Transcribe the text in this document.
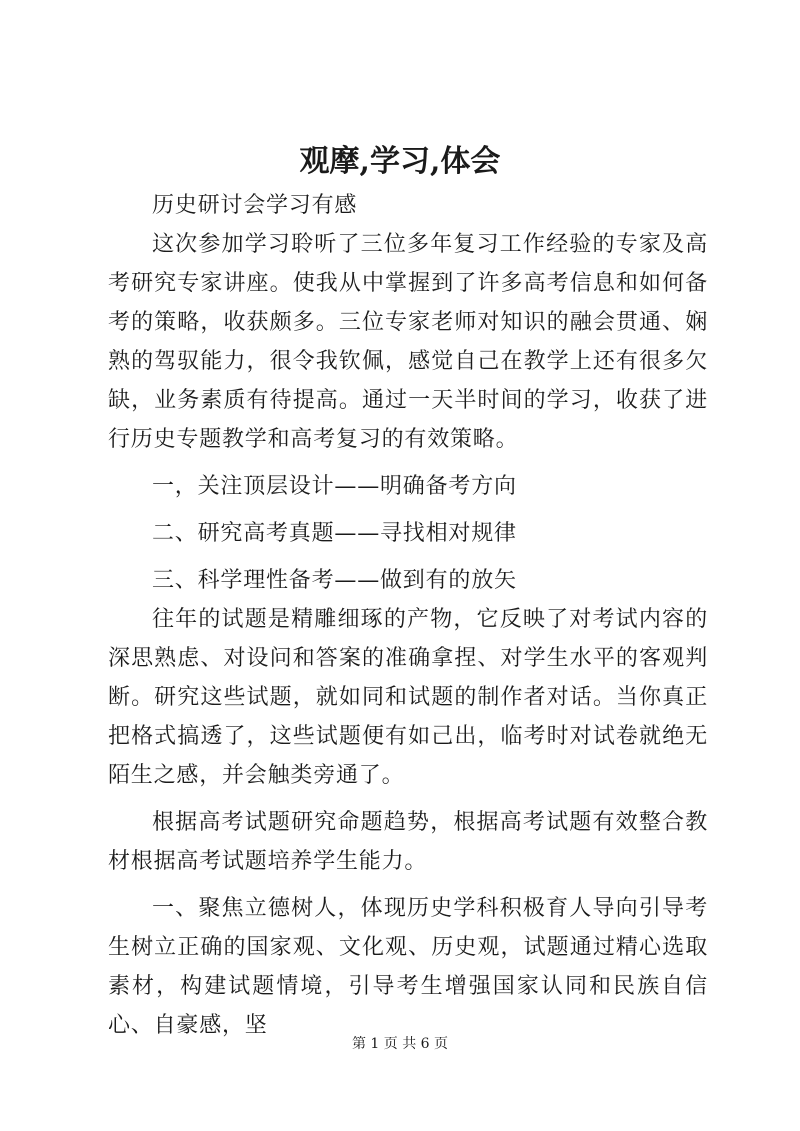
观摩,学习,体会

历史研讨会学习有感

这次参加学习聆听了三位多年复习工作经验的专家及高考研究专家讲座。使我从中掌握到了许多高考信息和如何备考的策略，收获颇多。三位专家老师对知识的融会贯通、娴熟的驾驭能力，很令我钦佩，感觉自己在教学上还有很多欠缺，业务素质有待提高。通过一天半时间的学习，收获了进行历史专题教学和高考复习的有效策略。

一，关注顶层设计——明确备考方向

二、研究高考真题——寻找相对规律

三、科学理性备考——做到有的放矢

往年的试题是精雕细琢的产物，它反映了对考试内容的深思熟虑、对设问和答案的准确拿捏、对学生水平的客观判断。研究这些试题，就如同和试题的制作者对话。当你真正把格式搞透了，这些试题便有如己出，临考时对试卷就绝无陌生之感，并会触类旁通了。

根据高考试题研究命题趋势，根据高考试题有效整合教材根据高考试题培养学生能力。

一、聚焦立德树人，体现历史学科积极育人导向引导考生树立正确的国家观、文化观、历史观，试题通过精心选取素材，构建试题情境，引导考生增强国家认同和民族自信心、自豪感，坚

第 1 页 共 6 页
